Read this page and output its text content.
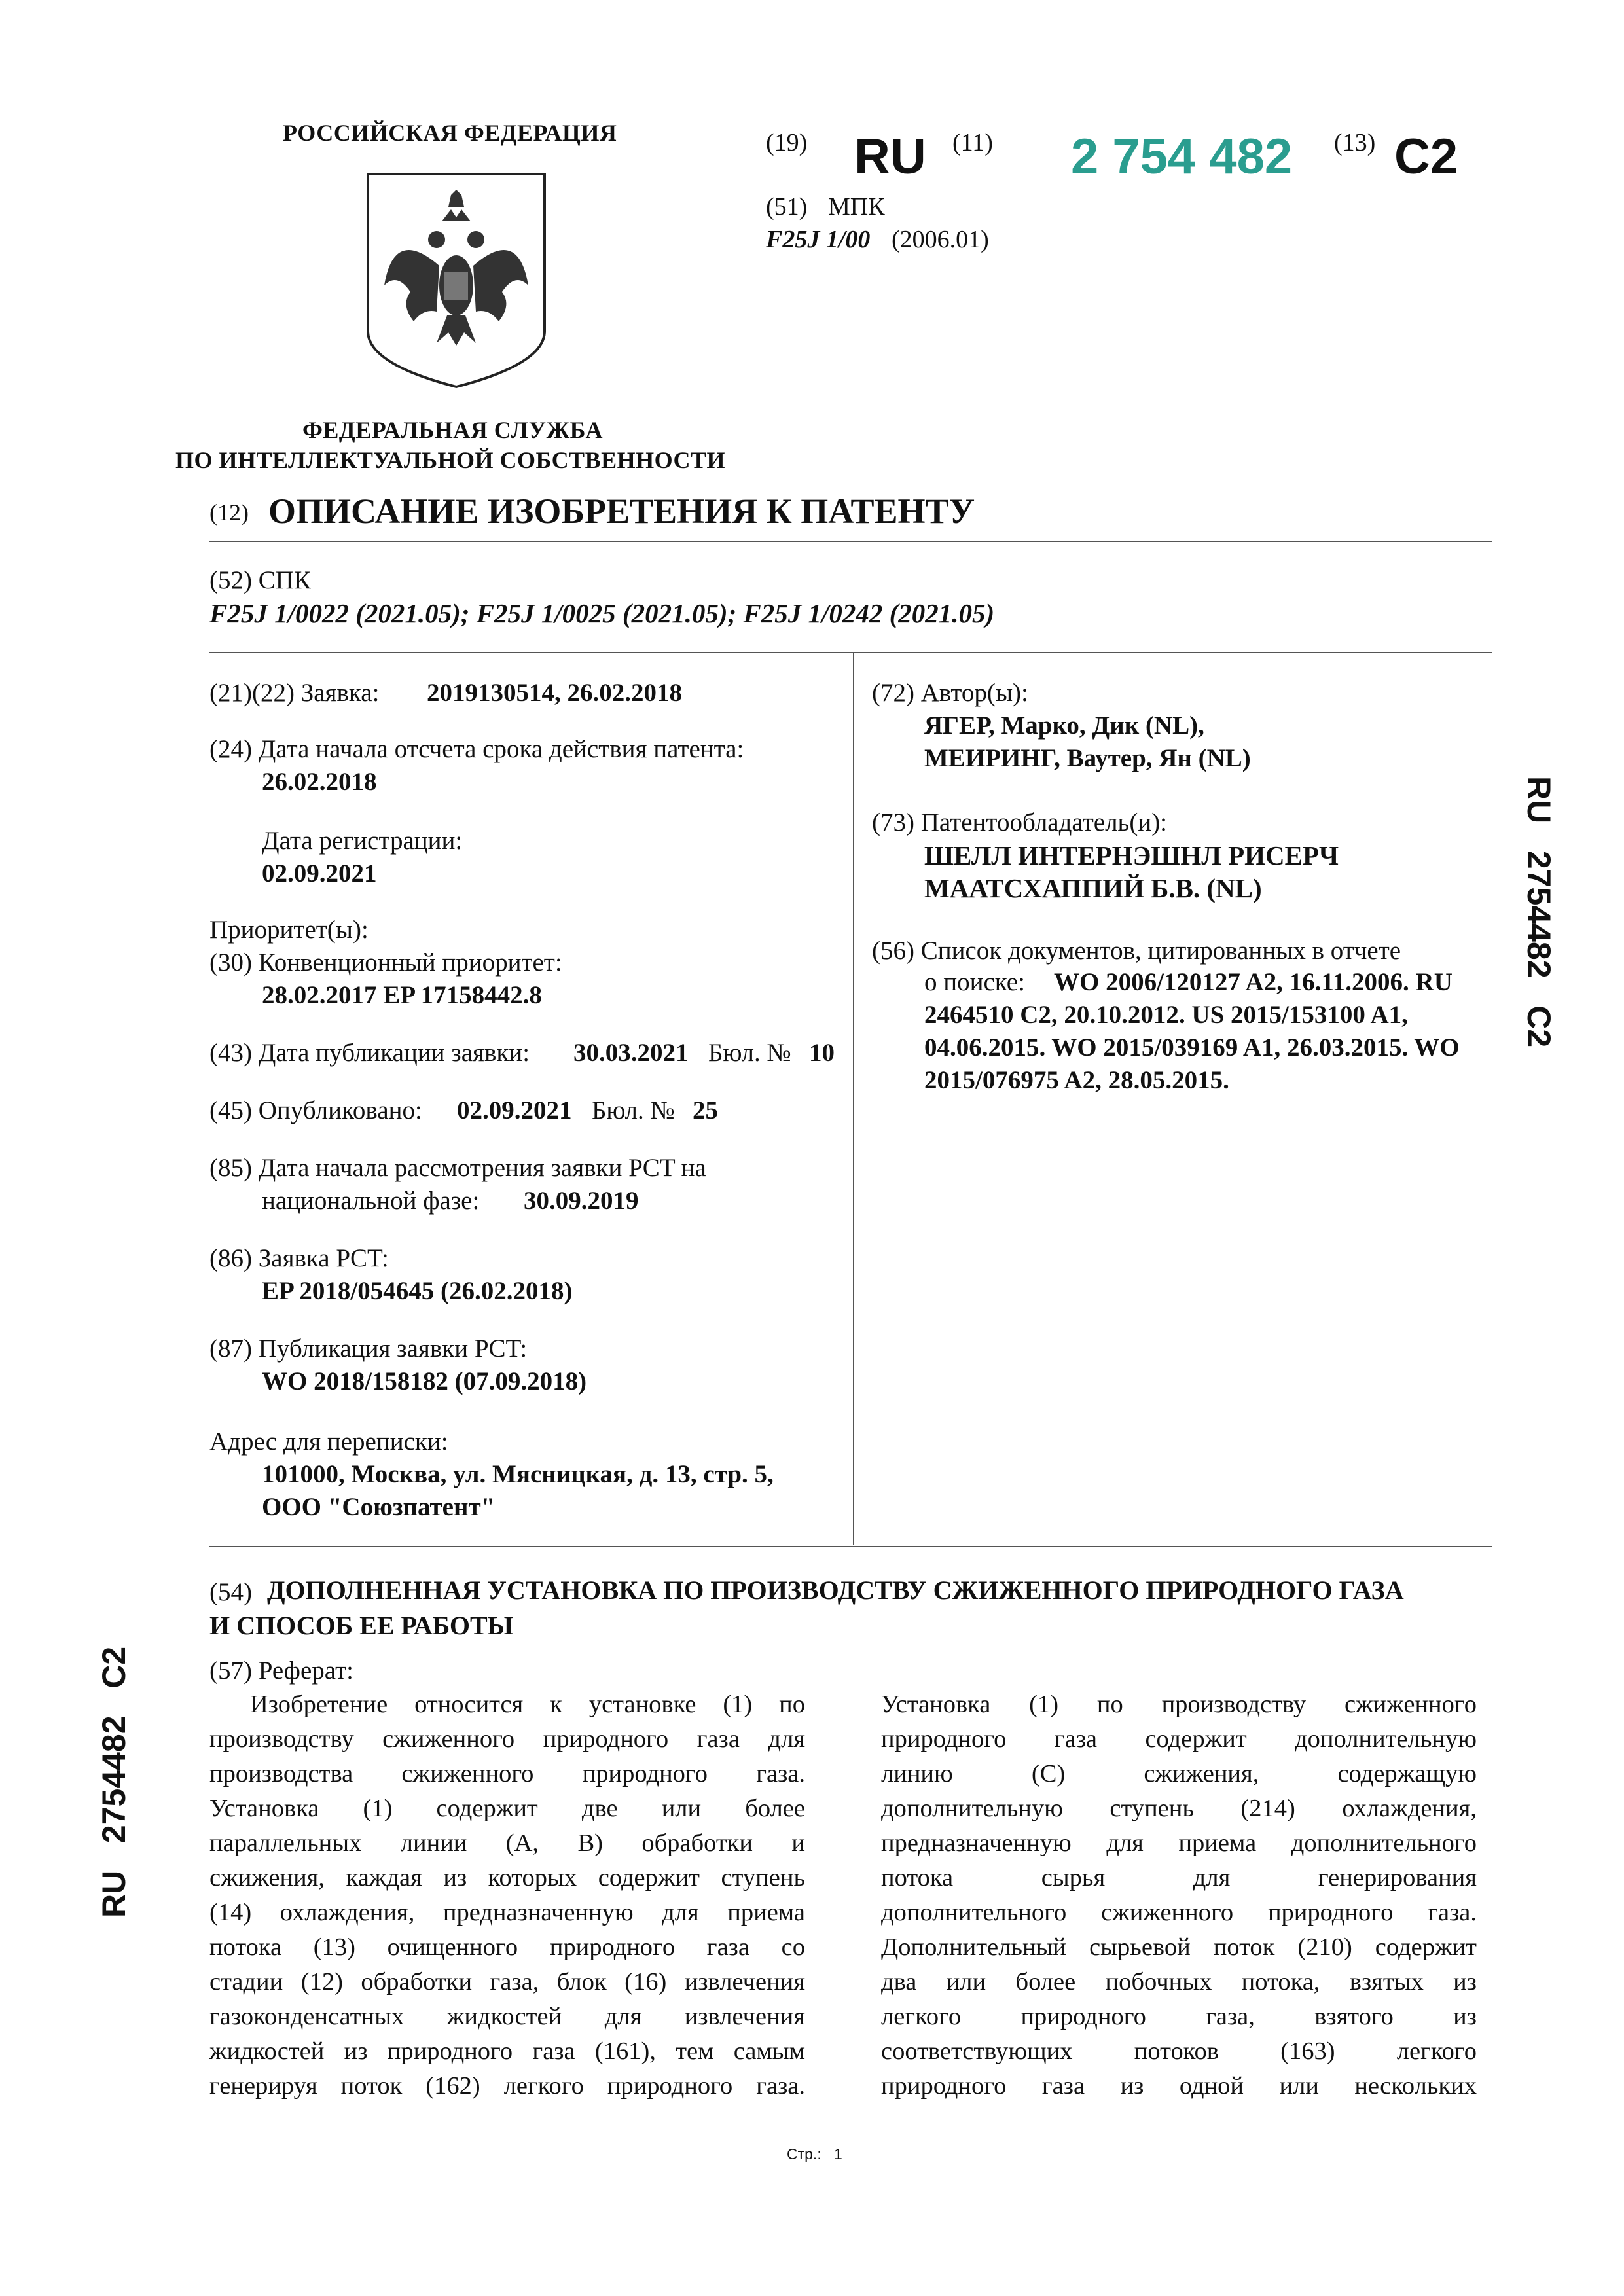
РОССИЙСКАЯ ФЕДЕРАЦИЯ
ФЕДЕРАЛЬНАЯ СЛУЖБА
ПО ИНТЕЛЛЕКТУАЛЬНОЙ СОБСТВЕННОСТИ
(19) RU (11) 2 754 482 (13) C2
(51) МПК
F25J 1/00 (2006.01)
(12) ОПИСАНИЕ ИЗОБРЕТЕНИЯ К ПАТЕНТУ
(52) СПК
F25J 1/0022 (2021.05); F25J 1/0025 (2021.05); F25J 1/0242 (2021.05)
(21)(22) Заявка: 2019130514, 26.02.2018
(24) Дата начала отсчета срока действия патента:
26.02.2018
Дата регистрации:
02.09.2021
Приоритет(ы):
(30) Конвенционный приоритет:
28.02.2017 EP 17158442.8
(43) Дата публикации заявки: 30.03.2021 Бюл. № 10
(45) Опубликовано: 02.09.2021 Бюл. № 25
(85) Дата начала рассмотрения заявки PCT на
национальной фазе: 30.09.2019
(86) Заявка PCT:
EP 2018/054645 (26.02.2018)
(87) Публикация заявки PCT:
WO 2018/158182 (07.09.2018)
Адрес для переписки:
101000, Москва, ул. Мясницкая, д. 13, стр. 5,
ООО "Союзпатент"
(72) Автор(ы):
ЯГЕР, Марко, Дик (NL),
МЕИРИНГ, Ваутер, Ян (NL)
(73) Патентообладатель(и):
ШЕЛЛ ИНТЕРНЭШНЛ РИСЕРЧ
МААТСХАППИЙ Б.В. (NL)
(56) Список документов, цитированных в отчете
о поиске: WO 2006/120127 A2, 16.11.2006. RU
2464510 C2, 20.10.2012. US 2015/153100 A1,
04.06.2015. WO 2015/039169 A1, 26.03.2015. WO
2015/076975 A2, 28.05.2015.
RU   2754482   C2
RU   2754482   C2
(54) ДОПОЛНЕННАЯ УСТАНОВКА ПО ПРОИЗВОДСТВУ СЖИЖЕННОГО ПРИРОДНОГО ГАЗА
И СПОСОБ ЕЕ РАБОТЫ
(57) Реферат:
Изобретение относится к установке (1) по
производству сжиженного природного газа для
производства сжиженного природного газа.
Установка (1) содержит две или более
параллельных линии (A, B) обработки и
сжижения, каждая из которых содержит ступень
(14) охлаждения, предназначенную для приема
потока (13) очищенного природного газа со
стадии (12) обработки газа, блок (16) извлечения
газоконденсатных жидкостей для извлечения
жидкостей из природного газа (161), тем самым
генерируя поток (162) легкого природного газа.
Установка (1) по производству сжиженного
природного газа содержит дополнительную
линию (C) сжижения, содержащую
дополнительную ступень (214) охлаждения,
предназначенную для приема дополнительного
потока сырья для генерирования
дополнительного сжиженного природного газа.
Дополнительный сырьевой поток (210) содержит
два или более побочных потока, взятых из
легкого природного газа, взятого из
соответствующих потоков (163) легкого
природного газа из одной или нескольких
Стр.: 1
